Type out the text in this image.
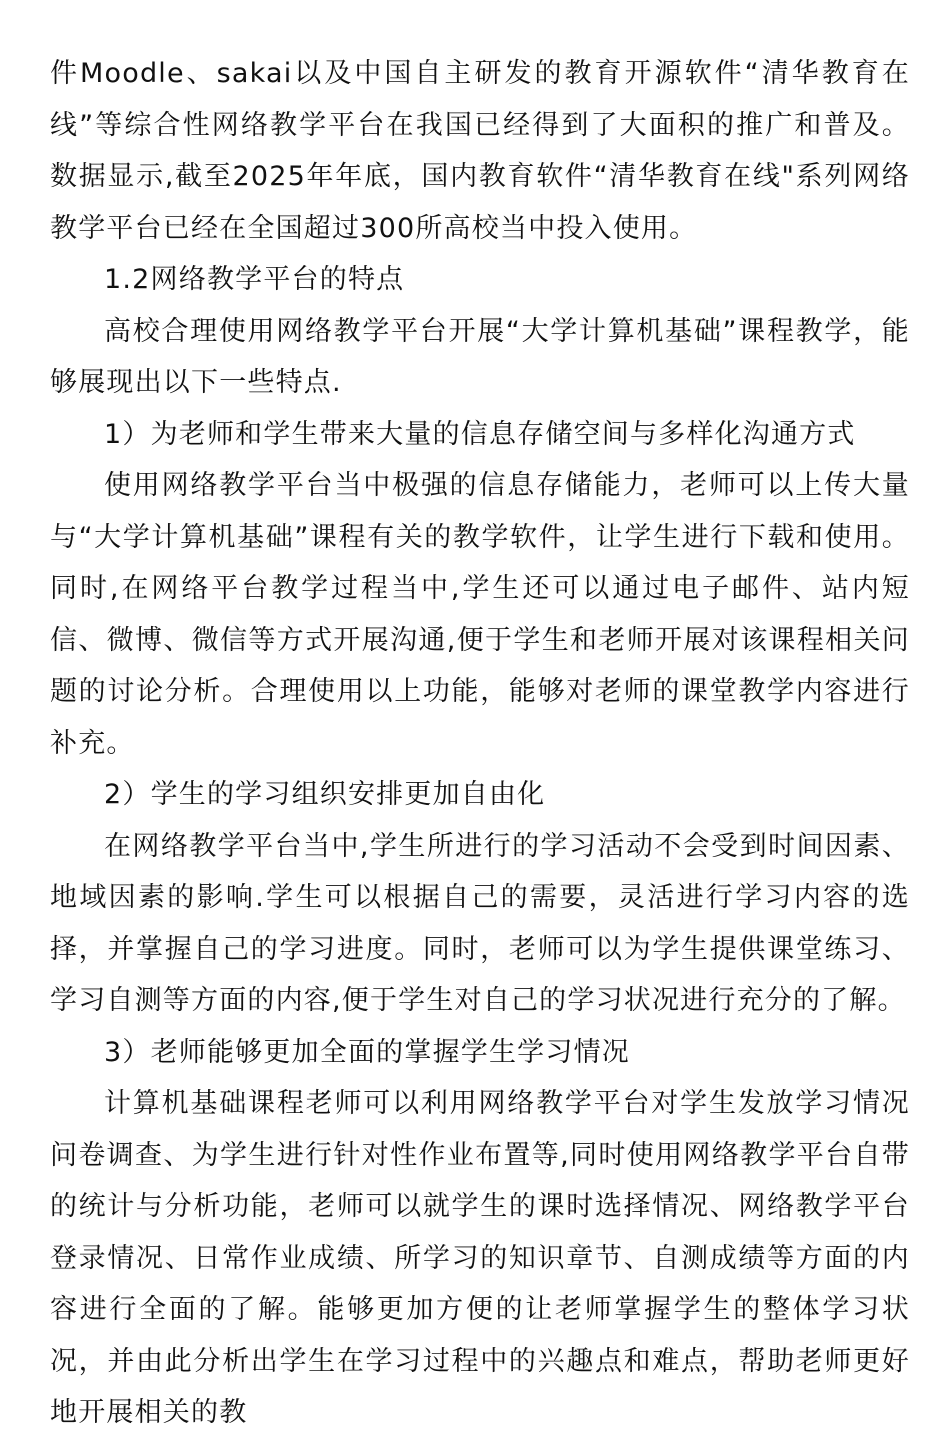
件Moodle、sakai以及中国自主研发的教育开源软件“清华教育在线”等综合性网络教学平台在我国已经得到了大面积的推广和普及。数据显示,截至2025年年底，国内教育软件“清华教育在线"系列网络教学平台已经在全国超过300所高校当中投入使用。

1.2网络教学平台的特点

高校合理使用网络教学平台开展“大学计算机基础”课程教学，能够展现出以下一些特点.

1）为老师和学生带来大量的信息存储空间与多样化沟通方式

使用网络教学平台当中极强的信息存储能力，老师可以上传大量与“大学计算机基础”课程有关的教学软件，让学生进行下载和使用。同时,在网络平台教学过程当中,学生还可以通过电子邮件、站内短信、微博、微信等方式开展沟通,便于学生和老师开展对该课程相关问题的讨论分析。合理使用以上功能，能够对老师的课堂教学内容进行补充。

2）学生的学习组织安排更加自由化

在网络教学平台当中,学生所进行的学习活动不会受到时间因素、地域因素的影响.学生可以根据自己的需要，灵活进行学习内容的选择，并掌握自己的学习进度。同时，老师可以为学生提供课堂练习、学习自测等方面的内容,便于学生对自己的学习状况进行充分的了解。

3）老师能够更加全面的掌握学生学习情况

计算机基础课程老师可以利用网络教学平台对学生发放学习情况问卷调查、为学生进行针对性作业布置等,同时使用网络教学平台自带的统计与分析功能，老师可以就学生的课时选择情况、网络教学平台登录情况、日常作业成绩、所学习的知识章节、自测成绩等方面的内容进行全面的了解。能够更加方便的让老师掌握学生的整体学习状况，并由此分析出学生在学习过程中的兴趣点和难点，帮助老师更好地开展相关的教
